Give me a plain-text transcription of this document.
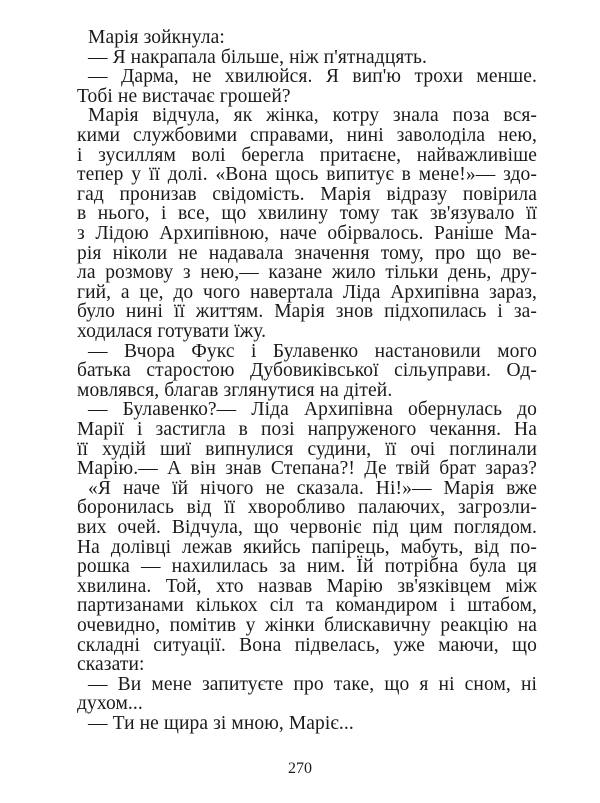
Марія зойкнула:
— Я накрапала більше, ніж п'ятнадцять.
— Дарма, не хвилюйся. Я вип'ю трохи менше.
Тобі не вистачає грошей?
Марія відчула, як жінка, котру знала поза вся-
кими службовими справами, нині заволоділа нею,
і зусиллям волі берегла притаєне, найважливіше
тепер у її долі. «Вона щось випитує в мене!»— здо-
гад пронизав свідомість. Марія відразу повірила
в нього, і все, що хвилину тому так зв'язувало її
з Лідою Архипівною, наче обірвалось. Раніше Ма-
рія ніколи не надавала значення тому, про що ве-
ла розмову з нею,— казане жило тільки день, дру-
гий, а це, до чого навертала Ліда Архипівна зараз,
було нині її життям. Марія знов підхопилась і за-
ходилася готувати їжу.
— Вчора Фукс і Булавенко настановили мого
батька старостою Дубовиківської сільуправи. Од-
мовлявся, благав зглянутися на дітей.
— Булавенко?— Ліда Архипівна обернулась до
Марії і застигла в позі напруженого чекання. На
її худій шиї випнулися судини, її очі поглинали
Марію.— А він знав Степана?! Де твій брат зараз?
«Я наче їй нічого не сказала. Ні!»— Марія вже
боронилась від її хворобливо палаючих, загрозли-
вих очей. Відчула, що червоніє під цим поглядом.
На долівці лежав якийсь папірець, мабуть, від по-
рошка — нахилилась за ним. Їй потрібна була ця
хвилина. Той, хто назвав Марію зв'язківцем між
партизанами кількох сіл та командиром і штабом,
очевидно, помітив у жінки блискавичну реакцію на
складні ситуації. Вона підвелась, уже маючи, що
сказати:
— Ви мене запитуєте про таке, що я ні сном, ні
духом...
— Ти не щира зі мною, Маріє...
270
